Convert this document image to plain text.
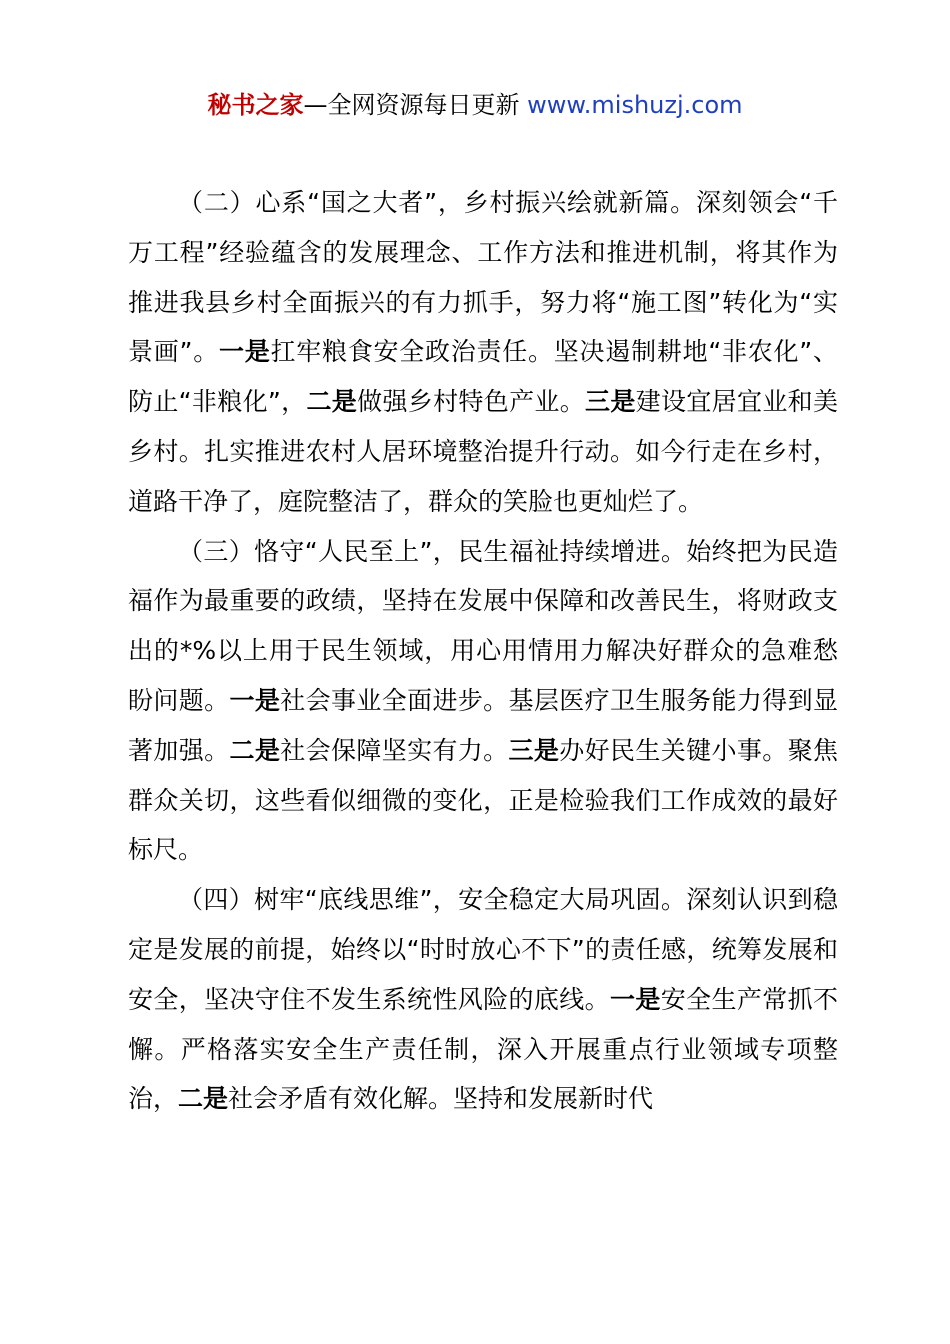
秘书之家—全网资源每日更新 www.mishuzj.com

（二）心系“国之大者”，乡村振兴绘就新篇。深刻领会“千万工程”经验蕴含的发展理念、工作方法和推进机制，将其作为推进我县乡村全面振兴的有力抓手，努力将“施工图”转化为“实景画”。一是扛牢粮食安全政治责任。坚决遏制耕地“非农化”、防止“非粮化”，二是做强乡村特色产业。三是建设宜居宜业和美乡村。扎实推进农村人居环境整治提升行动。如今行走在乡村，道路干净了，庭院整洁了，群众的笑脸也更灿烂了。

（三）恪守“人民至上”，民生福祉持续增进。始终把为民造福作为最重要的政绩，坚持在发展中保障和改善民生，将财政支出的*%以上用于民生领域，用心用情用力解决好群众的急难愁盼问题。一是社会事业全面进步。基层医疗卫生服务能力得到显著加强。二是社会保障坚实有力。三是办好民生关键小事。聚焦群众关切，这些看似细微的变化，正是检验我们工作成效的最好标尺。

（四）树牢“底线思维”，安全稳定大局巩固。深刻认识到稳定是发展的前提，始终以“时时放心不下”的责任感，统筹发展和安全，坚决守住不发生系统性风险的底线。一是安全生产常抓不懈。严格落实安全生产责任制，深入开展重点行业领域专项整治，二是社会矛盾有效化解。坚持和发展新时代
